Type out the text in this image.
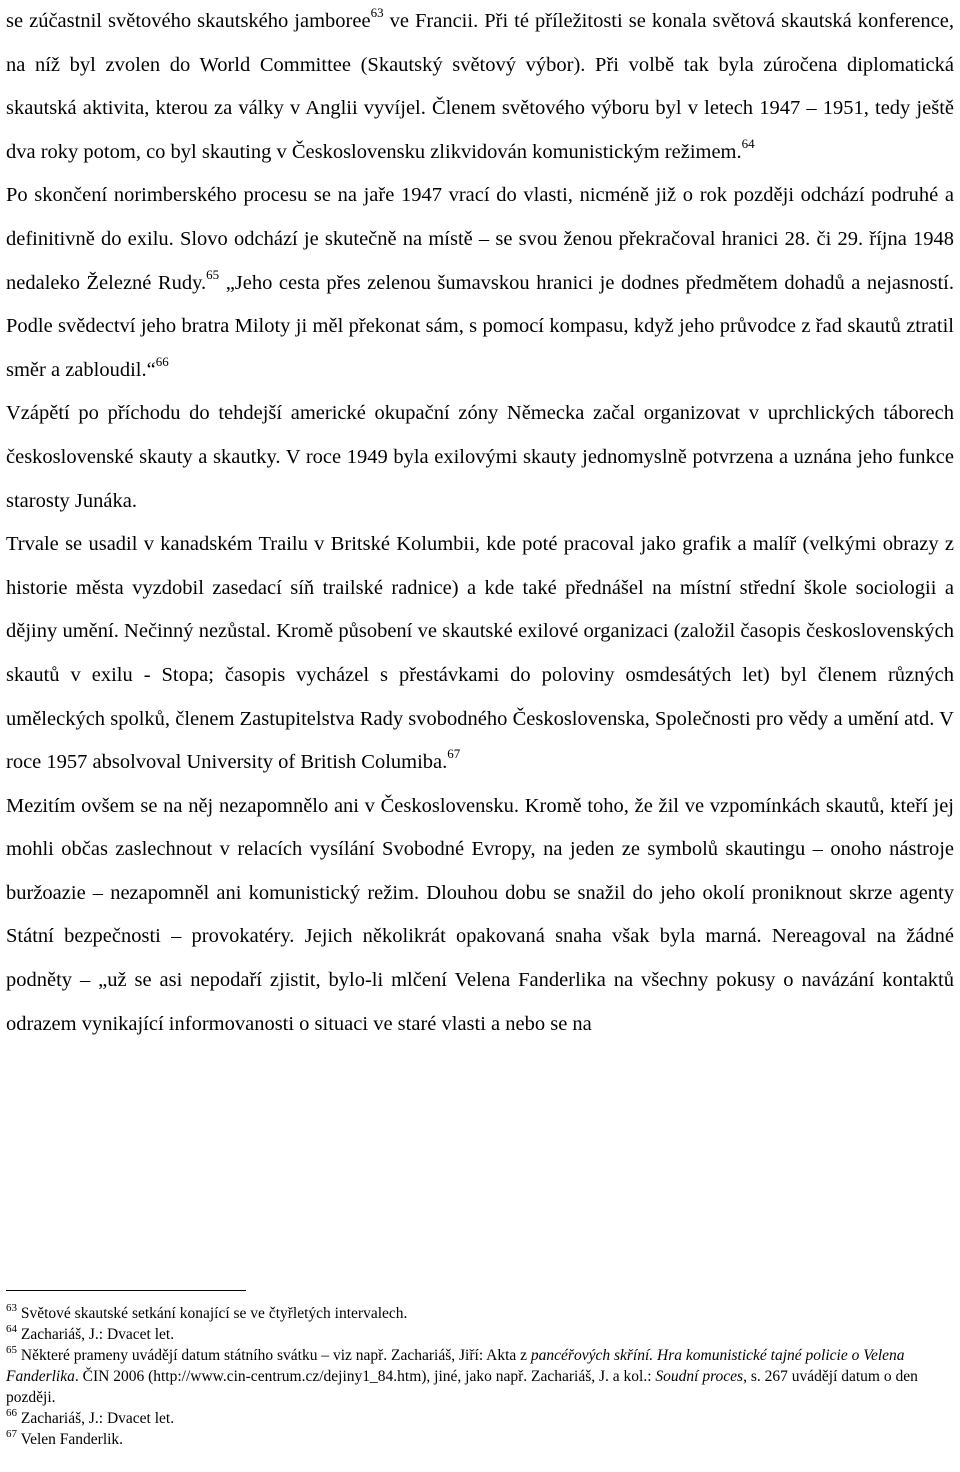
se zúčastnil světového skautského jamboree$^{63}$ ve Francii. Při té příležitosti se konala světová skautská konference, na níž byl zvolen do World Committee (Skautský světový výbor). Při volbě tak byla zúročena diplomatická skautská aktivita, kterou za války v Anglii vyvíjel. Členem světového výboru byl v letech 1947 – 1951, tedy ještě dva roky potom, co byl skauting v Československu zlikvidován komunistickým režimem.$^{64}$

Po skončení norimberského procesu se na jaře 1947 vrací do vlasti, nicméně již o rok později odchází podruhé a definitivně do exilu. Slovo odchází je skutečně na místě – se svou ženou překračoval hranici 28. či 29. října 1948 nedaleko Železné Rudy.$^{65}$ „Jeho cesta přes zelenou šumavskou hranici je dodnes předmětem dohadů a nejasností. Podle svědectví jeho bratra Miloty ji měl překonat sám, s pomocí kompasu, když jeho průvodce z řad skautů ztratil směr a zabloudil.“$^{66}$

Vzápětí po příchodu do tehdejší americké okupační zóny Německa začal organizovat v uprchlických táborech československé skauty a skautky. V roce 1949 byla exilovými skauty jednomyslně potvrzena a uznána jeho funkce starosty Junáka.

Trvale se usadil v kanadském Trailu v Britské Kolumbii, kde poté pracoval jako grafik a malíř (velkými obrazy z historie města vyzdobil zasedací síň trailské radnice) a kde také přednášel na místní střední škole sociologii a dějiny umění. Nečinný nezůstal. Kromě působení ve skautské exilové organizaci (založil časopis československých skautů v exilu - Stopa; časopis vycházel s přestávkami do poloviny osmdesátých let) byl členem různých uměleckých spolků, členem Zastupitelstva Rady svobodného Československa, Společnosti pro vědy a umění atd. V roce 1957 absolvoval University of British Columiba.$^{67}$

Mezitím ovšem se na něj nezapomnělo ani v Československu. Kromě toho, že žil ve vzpomínkách skautů, kteří jej mohli občas zaslechnout v relacích vysílání Svobodné Evropy, na jeden ze symbolů skautingu – onoho nástroje buržoazie – nezapomněl ani komunistický režim. Dlouhou dobu se snažil do jeho okolí proniknout skrze agenty Státní bezpečnosti – provokatéry. Jejich několikrát opakovaná snaha však byla marná. Nereagoval na žádné podněty – „už se asi nepodaří zjistit, bylo-li mlčení Velena Fanderlika na všechny pokusy o navázání kontaktů odrazem vynikající informovanosti o situaci ve staré vlasti a nebo se na

$^{63}$ Světové skautské setkání konající se ve čtyřletých intervalech.

$^{64}$ Zachariáš, J.: Dvacet let.

$^{65}$ Některé prameny uvádějí datum státního svátku – viz např. Zachariáš, Jiří: Akta z pancéřových skříní. Hra komunistické tajné policie o Velena Fanderlika. ČIN 2006 (http://www.cin-centrum.cz/dejiny1_84.htm), jiné, jako např. Zachariáš, J. a kol.: Soudní proces, s. 267 uvádějí datum o den později.

$^{66}$ Zachariáš, J.: Dvacet let.

$^{67}$ Velen Fanderlik.
